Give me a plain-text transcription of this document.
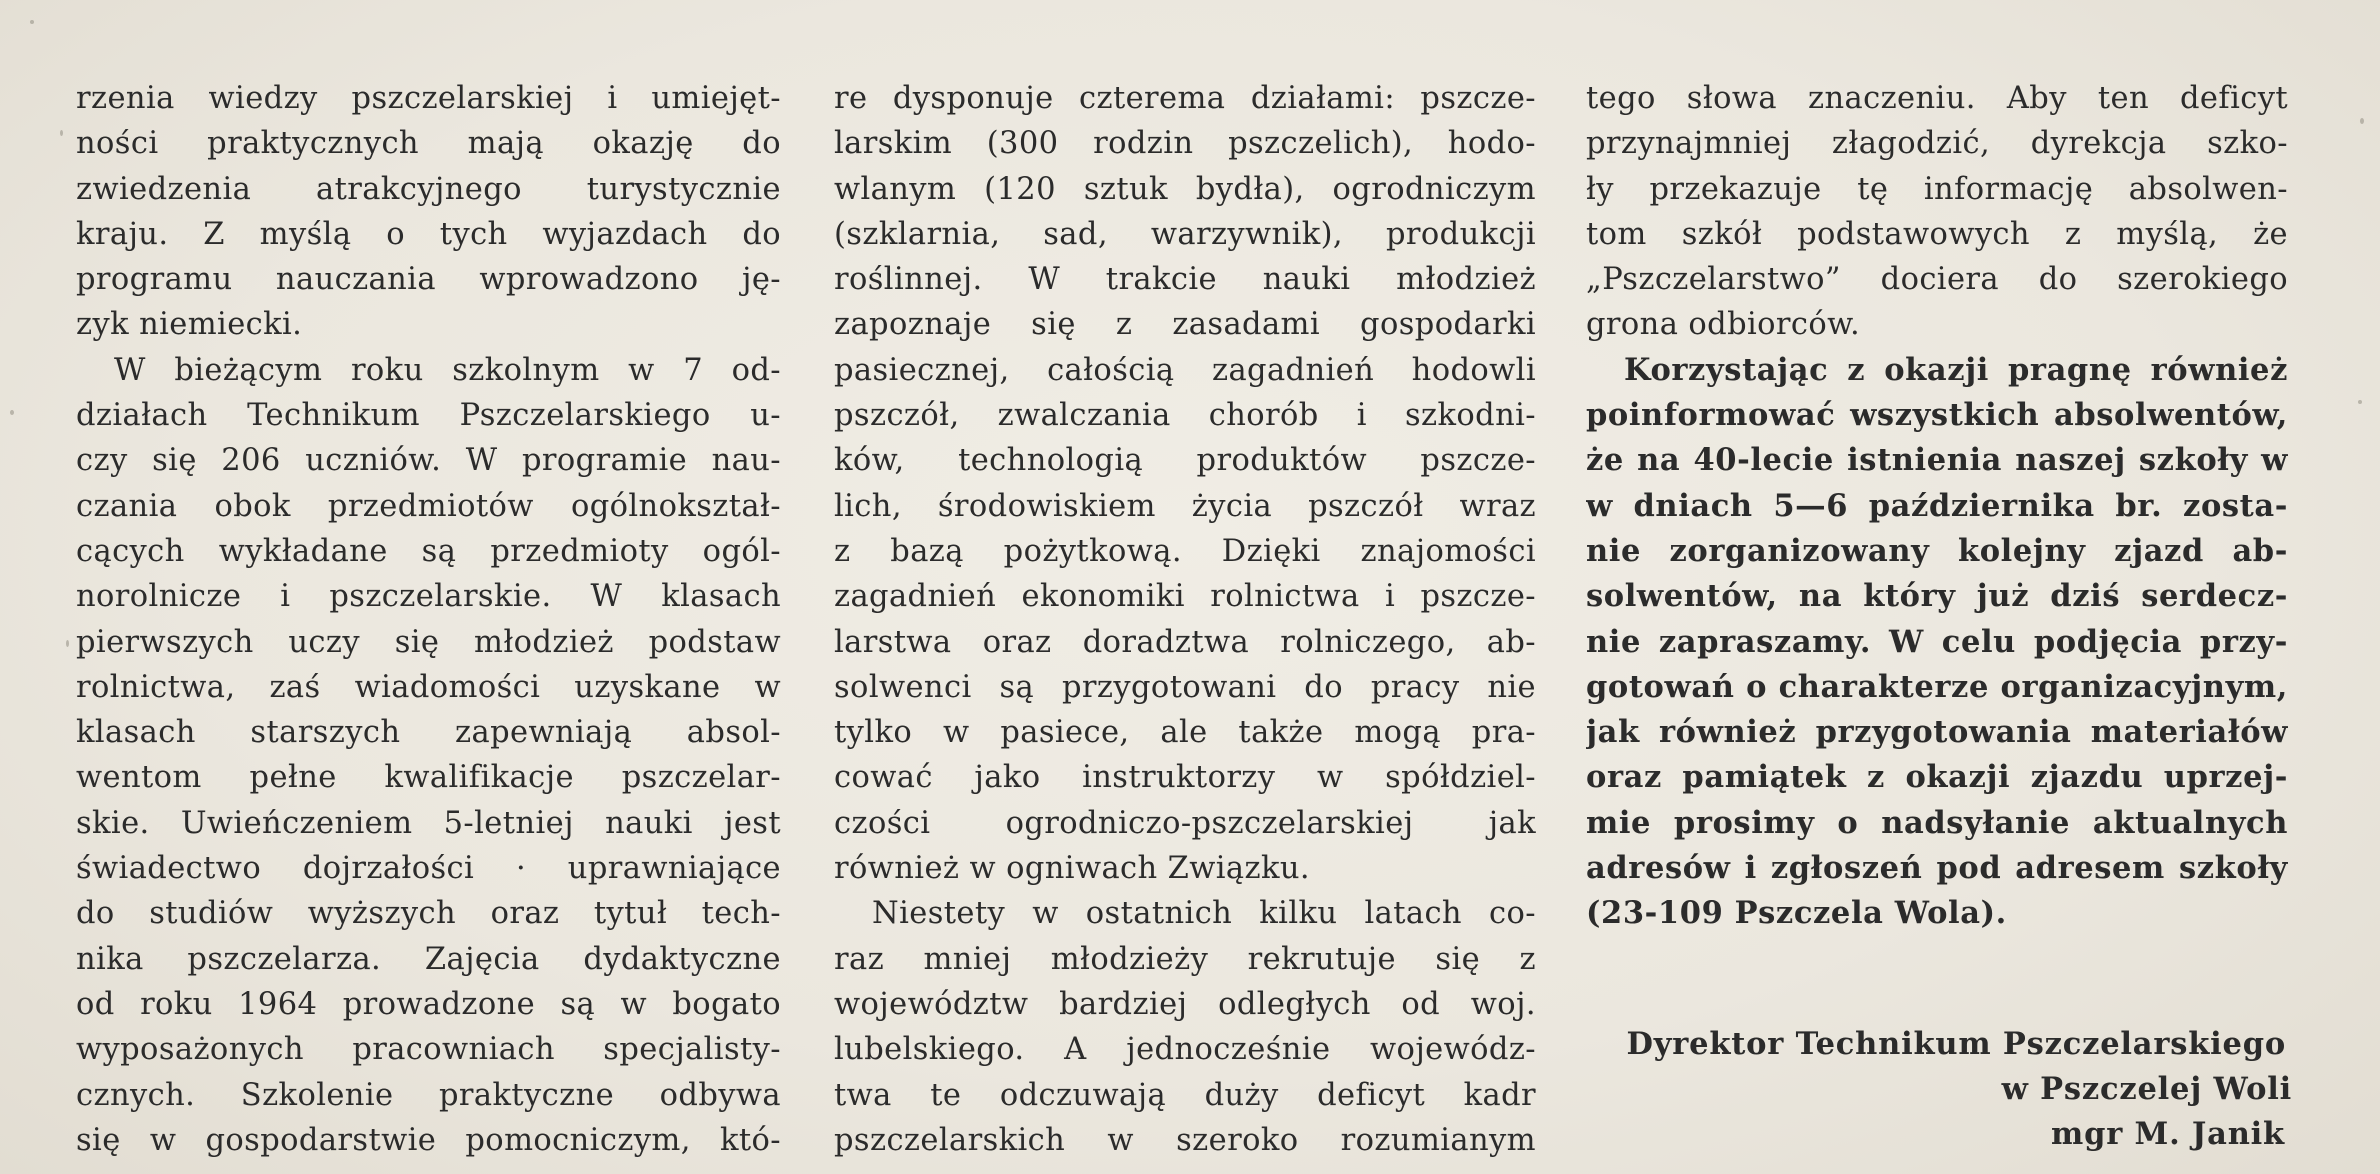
rzenia wiedzy pszczelarskiej i umiejęt-
ności praktycznych mają okazję do
zwiedzenia atrakcyjnego turystycznie
kraju. Z myślą o tych wyjazdach do
programu nauczania wprowadzono ję-
zyk niemiecki.
W bieżącym roku szkolnym w 7 od-
działach Technikum Pszczelarskiego u-
czy się 206 uczniów. W programie nau-
czania obok przedmiotów ogólnokształ-
cących wykładane są przedmioty ogól-
norolnicze i pszczelarskie. W klasach
pierwszych uczy się młodzież podstaw
rolnictwa, zaś wiadomości uzyskane w
klasach starszych zapewniają absol-
wentom pełne kwalifikacje pszczelar-
skie. Uwieńczeniem 5-letniej nauki jest
świadectwo dojrzałości · uprawniające
do studiów wyższych oraz tytuł tech-
nika pszczelarza. Zajęcia dydaktyczne
od roku 1964 prowadzone są w bogato
wyposażonych pracowniach specjalisty-
cznych. Szkolenie praktyczne odbywa
się w gospodarstwie pomocniczym, któ-
re dysponuje czterema działami: pszcze-
larskim (300 rodzin pszczelich), hodo-
wlanym (120 sztuk bydła), ogrodniczym
(szklarnia, sad, warzywnik), produkcji
roślinnej. W trakcie nauki młodzież
zapoznaje się z zasadami gospodarki
pasiecznej, całością zagadnień hodowli
pszczół, zwalczania chorób i szkodni-
ków, technologią produktów pszcze-
lich, środowiskiem życia pszczół wraz
z bazą pożytkową. Dzięki znajomości
zagadnień ekonomiki rolnictwa i pszcze-
larstwa oraz doradztwa rolniczego, ab-
solwenci są przygotowani do pracy nie
tylko w pasiece, ale także mogą pra-
cować jako instruktorzy w spółdziel-
czości ogrodniczo-pszczelarskiej jak
również w ogniwach Związku.
Niestety w ostatnich kilku latach co-
raz mniej młodzieży rekrutuje się z
województw bardziej odległych od woj.
lubelskiego. A jednocześnie wojewódz-
twa te odczuwają duży deficyt kadr
pszczelarskich w szeroko rozumianym
tego słowa znaczeniu. Aby ten deficyt
przynajmniej złagodzić, dyrekcja szko-
ły przekazuje tę informację absolwen-
tom szkół podstawowych z myślą, że
„Pszczelarstwo” dociera do szerokiego
grona odbiorców.
Korzystając z okazji pragnę również
poinformować wszystkich absolwentów,
że na 40-lecie istnienia naszej szkoły w
w dniach 5—6 października br. zosta-
nie zorganizowany kolejny zjazd ab-
solwentów, na który już dziś serdecz-
nie zapraszamy. W celu podjęcia przy-
gotowań o charakterze organizacyjnym,
jak również przygotowania materiałów
oraz pamiątek z okazji zjazdu uprzej-
mie prosimy o nadsyłanie aktualnych
adresów i zgłoszeń pod adresem szkoły
(23-109 Pszczela Wola).
Dyrektor Technikum Pszczelarskiego
w Pszczelej Woli
mgr M. Janik
